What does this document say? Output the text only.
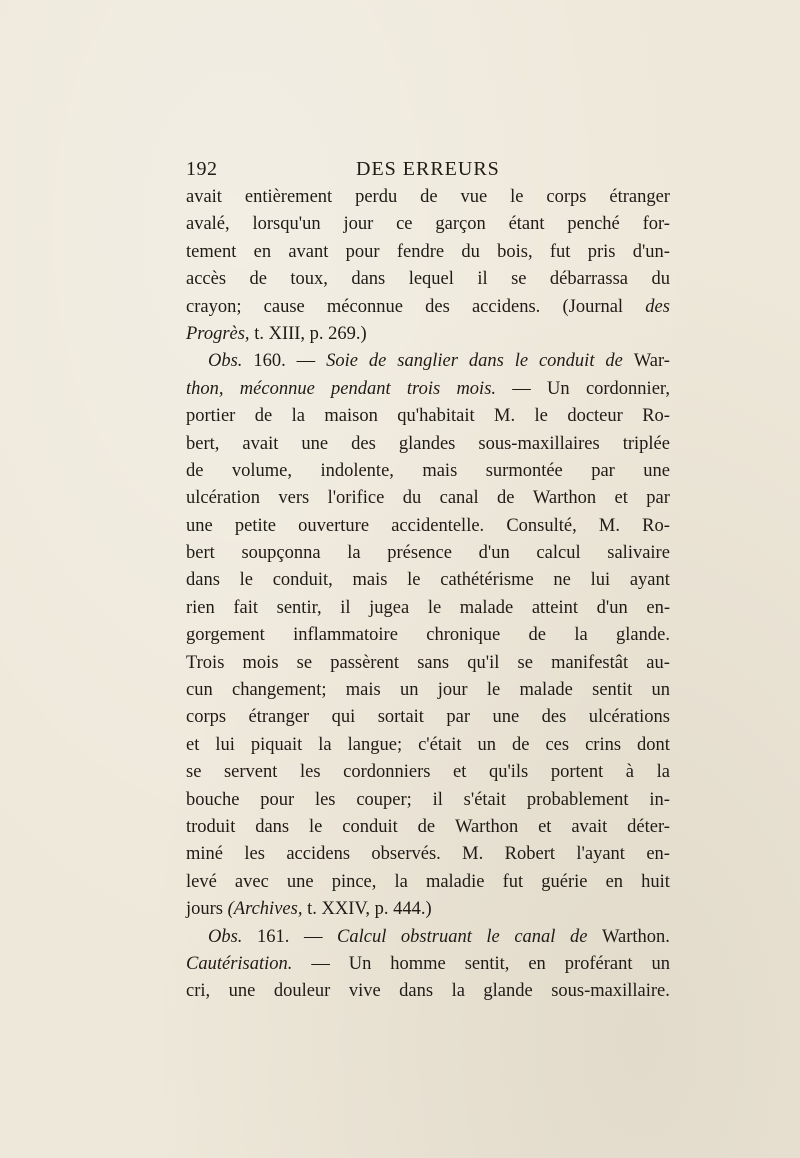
192	DES ERREURS
avait entièrement perdu de vue le corps étranger
avalé, lorsqu'un jour ce garçon étant penché for-
tement en avant pour fendre du bois, fut pris d'un-
accès de toux, dans lequel il se débarrassa du
crayon; cause méconnue des accidens. (Journal des
Progrès,
t.
XIII,
p.
269.)
Obs. 160. — Soie de sanglier dans le conduit de War-
thon, méconnue pendant trois mois. — Un cordonnier,
portier de la maison qu'habitait M. le docteur Ro-
bert, avait une des glandes sous-maxillaires triplée
de volume, indolente, mais surmontée par une
ulcération vers l'orifice du canal de Warthon et par
une petite ouverture accidentelle. Consulté, M. Ro-
bert soupçonna la présence d'un calcul salivaire
dans le conduit, mais le cathétérisme ne lui ayant
rien fait sentir, il jugea le malade atteint d'un en-
gorgement inflammatoire chronique de la glande.
Trois mois se passèrent sans qu'il se manifestât au-
cun changement; mais un jour le malade sentit un
corps étranger qui sortait par une des ulcérations
et lui piquait la langue; c'était un de ces crins dont
se servent les cordonniers et qu'ils portent à la
bouche pour les couper; il s'était probablement in-
troduit dans le conduit de Warthon et avait déter-
miné les accidens observés. M. Robert l'ayant en-
levé avec une pince, la maladie fut guérie en huit
jours
(Archives,
t.
XXIV,
p.
444.)
Obs. 161. — Calcul obstruant le canal de Warthon.
Cautérisation. — Un homme sentit, en proférant un
cri, une douleur vive dans la glande sous-maxillaire.
